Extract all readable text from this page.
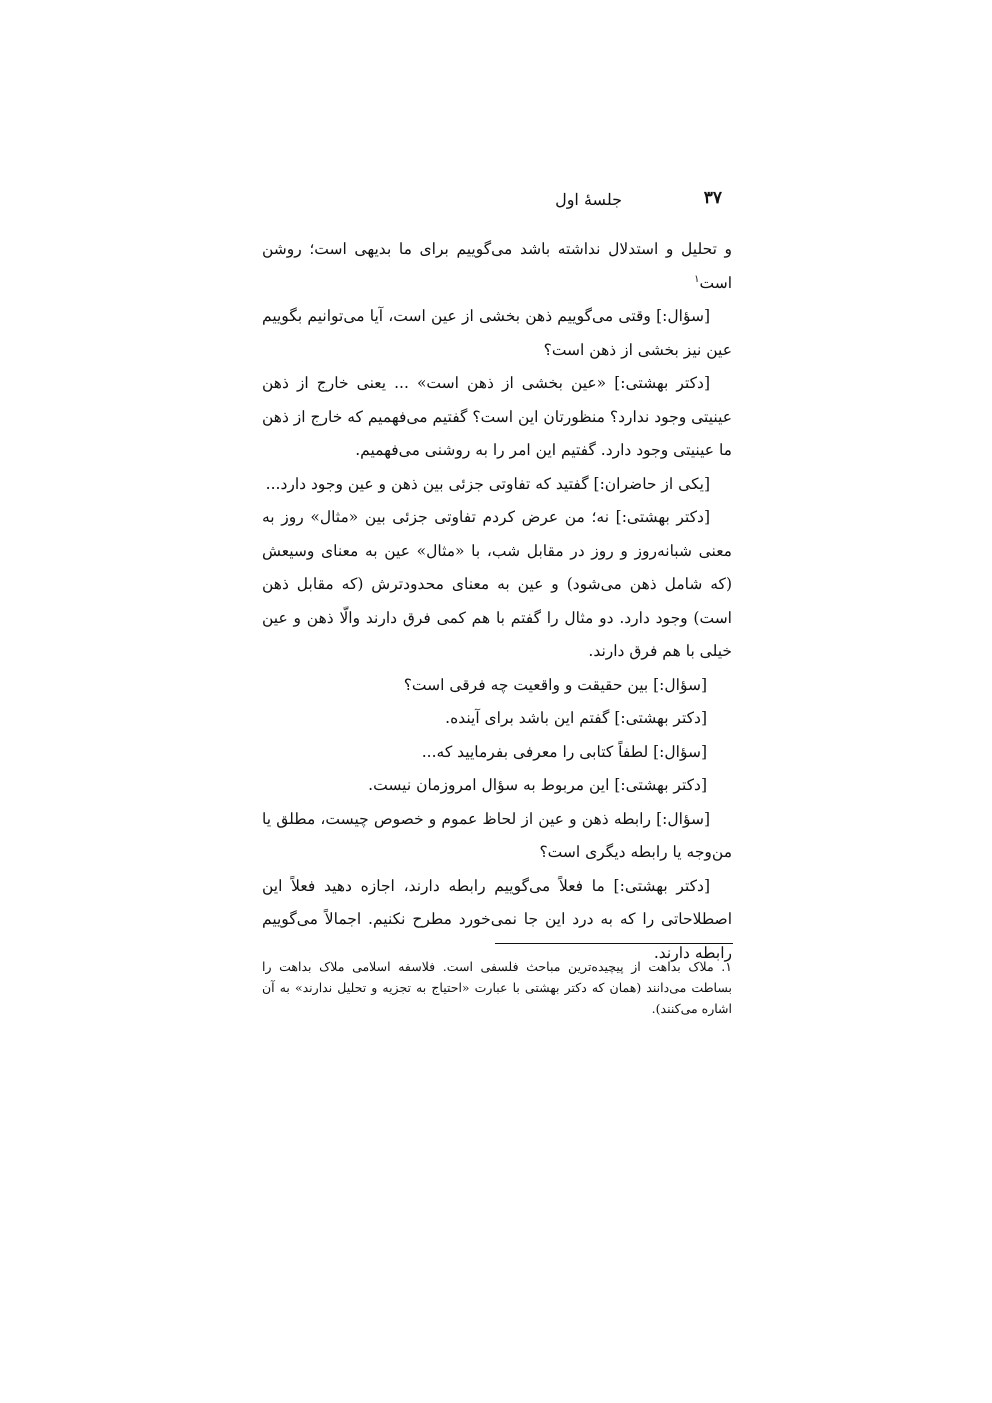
۳۷
جلسۀ اول

و تحلیل و استدلال نداشته باشد می‌گوییم برای ما بدیهی است؛ روشن است$^۱$

[سؤال:] وقتی می‌گوییم ذهن بخشی از عین است، آیا می‌توانیم بگوییم عین نیز بخشی از ذهن است؟

[دکتر بهشتی:] «عین بخشی از ذهن است» ... یعنی خارج از ذهن عینیتی وجود ندارد؟ منظورتان این است؟ گفتیم می‌فهمیم که خارج از ذهن ما عینیتی وجود دارد. گفتیم این امر را به روشنی می‌فهمیم.

[یکی از حاضران:] گفتید که تفاوتی جزئی بین ذهن و عین وجود دارد...

[دکتر بهشتی:] نه؛ من عرض کردم تفاوتی جزئی بین «مثال» روز به معنی شبانه‌روز و روز در مقابل شب، با «مثال» عین به معنای وسیعش (که شامل ذهن می‌شود) و عین به معنای محدودترش (که مقابل ذهن است) وجود دارد. دو مثال را گفتم با هم کمی فرق دارند والّا ذهن و عین خیلی با هم فرق دارند.

[سؤال:] بین حقیقت و واقعیت چه فرقی است؟

[دکتر بهشتی:] گفتم این باشد برای آینده.

[سؤال:] لطفاً کتابی را معرفی بفرمایید که...

[دکتر بهشتی:] این مربوط به سؤال امروزمان نیست.

[سؤال:] رابطه ذهن و عین از لحاظ عموم و خصوص چیست، مطلق یا من‌وجه یا رابطه دیگری است؟

[دکتر بهشتی:] ما فعلاً می‌گوییم رابطه دارند، اجازه دهید فعلاً این اصطلاحاتی را که به درد این جا نمی‌خورد مطرح نکنیم. اجمالاً می‌گوییم رابطه دارند.

۱. ملاک بداهت از پیچیده‌ترین مباحث فلسفی است. فلاسفه اسلامی ملاک بداهت را بساطت می‌دانند (همان که دکتر بهشتی با عبارت «احتیاج به تجزیه و تحلیل ندارند» به آن اشاره می‌کنند).
